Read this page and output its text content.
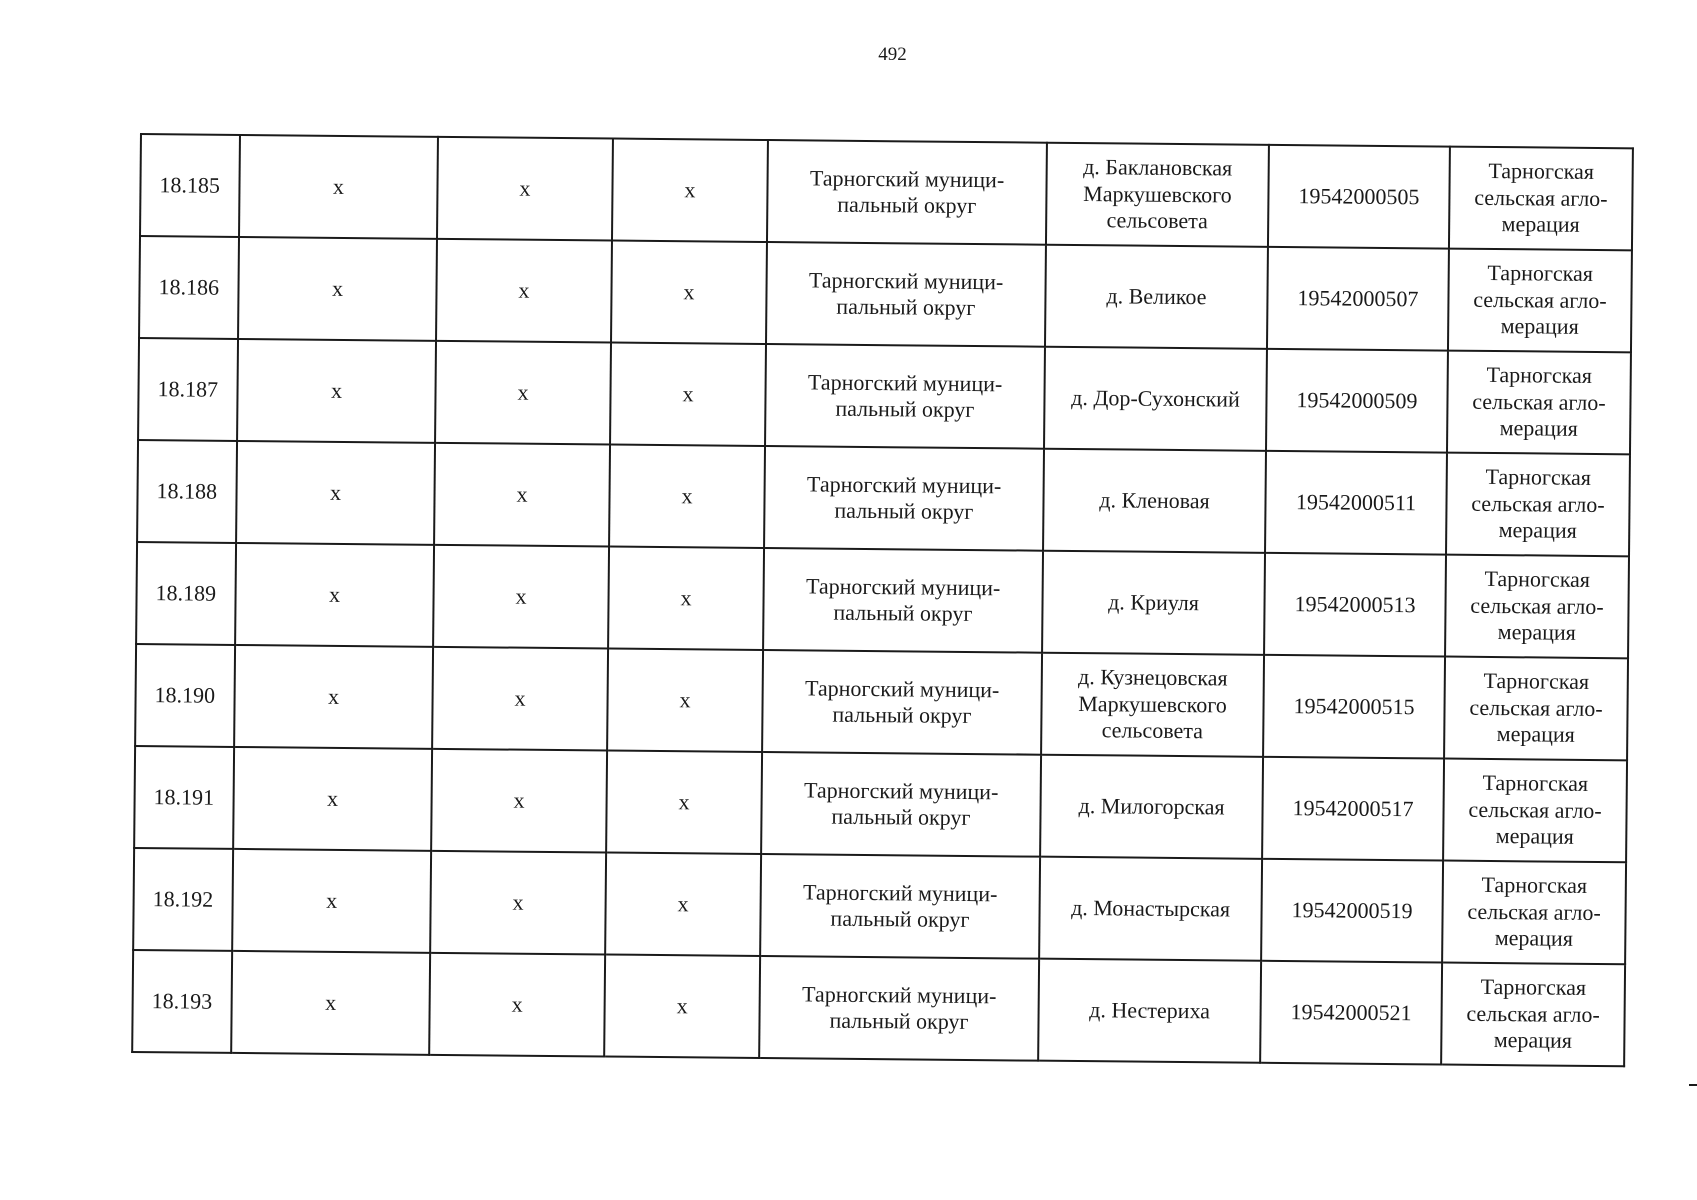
492
18.185	х	х	х	Тарногский муници-
пальный округ	д. Баклановская
Маркушевского
сельсовета	19542000505	Тарногская
сельская агло-
мерация
18.186	х	х	х	Тарногский муници-
пальный округ	д. Великое	19542000507	Тарногская
сельская агло-
мерация
18.187	х	х	х	Тарногский муници-
пальный округ	д. Дор-Сухонский	19542000509	Тарногская
сельская агло-
мерация
18.188	х	х	х	Тарногский муници-
пальный округ	д. Кленовая	19542000511	Тарногская
сельская агло-
мерация
18.189	х	х	х	Тарногский муници-
пальный округ	д. Криуля	19542000513	Тарногская
сельская агло-
мерация
18.190	х	х	х	Тарногский муници-
пальный округ	д. Кузнецовская
Маркушевского
сельсовета	19542000515	Тарногская
сельская агло-
мерация
18.191	х	х	х	Тарногский муници-
пальный округ	д. Милогорская	19542000517	Тарногская
сельская агло-
мерация
18.192	х	х	х	Тарногский муници-
пальный округ	д. Монастырская	19542000519	Тарногская
сельская агло-
мерация
18.193	х	х	х	Тарногский муници-
пальный округ	д. Нестериха	19542000521	Тарногская
сельская агло-
мерация
